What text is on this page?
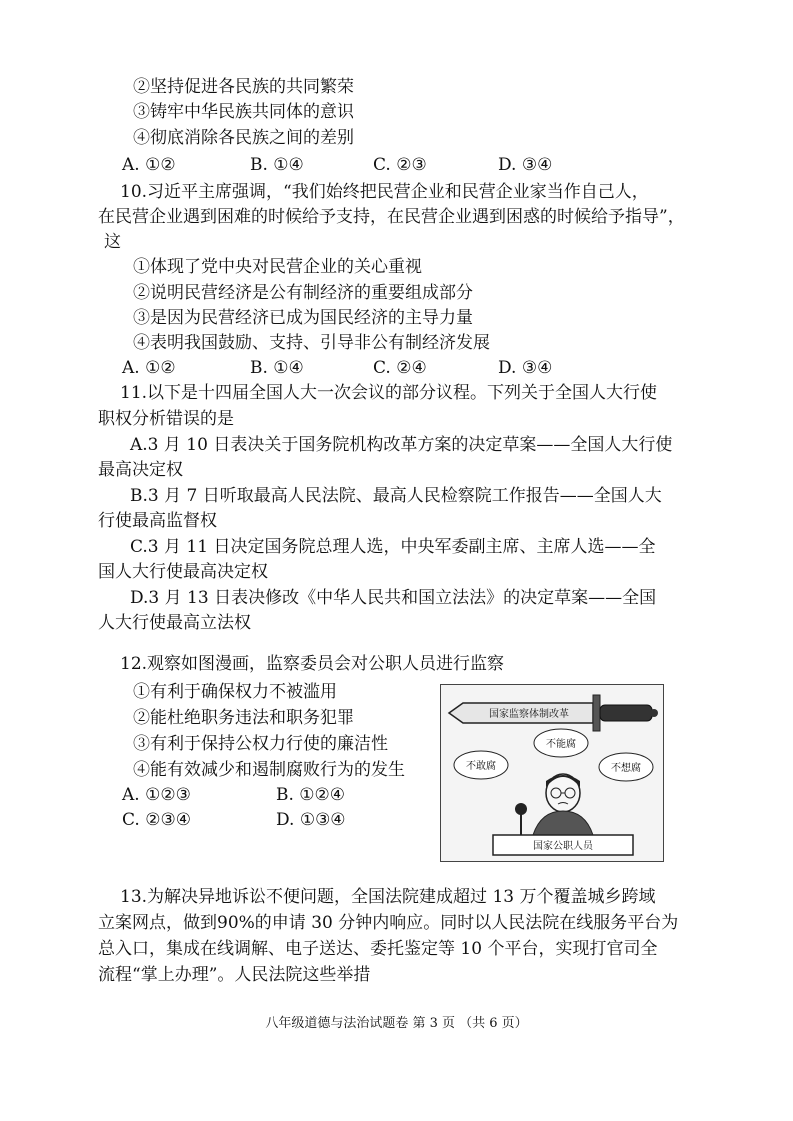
②坚持促进各民族的共同繁荣
③铸牢中华民族共同体的意识
④彻底消除各民族之间的差别
A. ①②	B. ①④	C. ②③	D. ③④
10.习近平主席强调，“我们始终把民营企业和民营企业家当作自己人，
在民营企业遇到困难的时候给予支持，在民营企业遇到困惑的时候给予指导”，
这
①体现了党中央对民营企业的关心重视
②说明民营经济是公有制经济的重要组成部分
③是因为民营经济已成为国民经济的主导力量
④表明我国鼓励、支持、引导非公有制经济发展
A. ①②	B. ①④	C. ②④	D. ③④
11.以下是十四届全国人大一次会议的部分议程。下列关于全国人大行使
职权分析错误的是
A.3 月 10 日表决关于国务院机构改革方案的决定草案——全国人大行使
最高决定权
B.3 月 7 日听取最高人民法院、最高人民检察院工作报告——全国人大
行使最高监督权
C.3 月 11 日决定国务院总理人选，中央军委副主席、主席人选——全
国人大行使最高决定权
D.3 月 13 日表决修改《中华人民共和国立法法》的决定草案——全国
人大行使最高立法权
12.观察如图漫画，监察委员会对公职人员进行监察
①有利于确保权力不被滥用
②能杜绝职务违法和职务犯罪
③有利于保持公权力行使的廉洁性
④能有效减少和遏制腐败行为的发生
A. ①②③	B. ①②④
C. ②③④	D. ①③④
国家监察体制改革
不敢腐
不能腐
不想腐
国家公职人员
13.为解决异地诉讼不便问题，全国法院建成超过 13 万个覆盖城乡跨域
立案网点，做到90%的申请 30 分钟内响应。同时以人民法院在线服务平台为
总入口，集成在线调解、电子送达、委托鉴定等 10 个平台，实现打官司全
流程“掌上办理”。人民法院这些举措
八年级道德与法治试题卷 第 3 页 （共 6 页）
